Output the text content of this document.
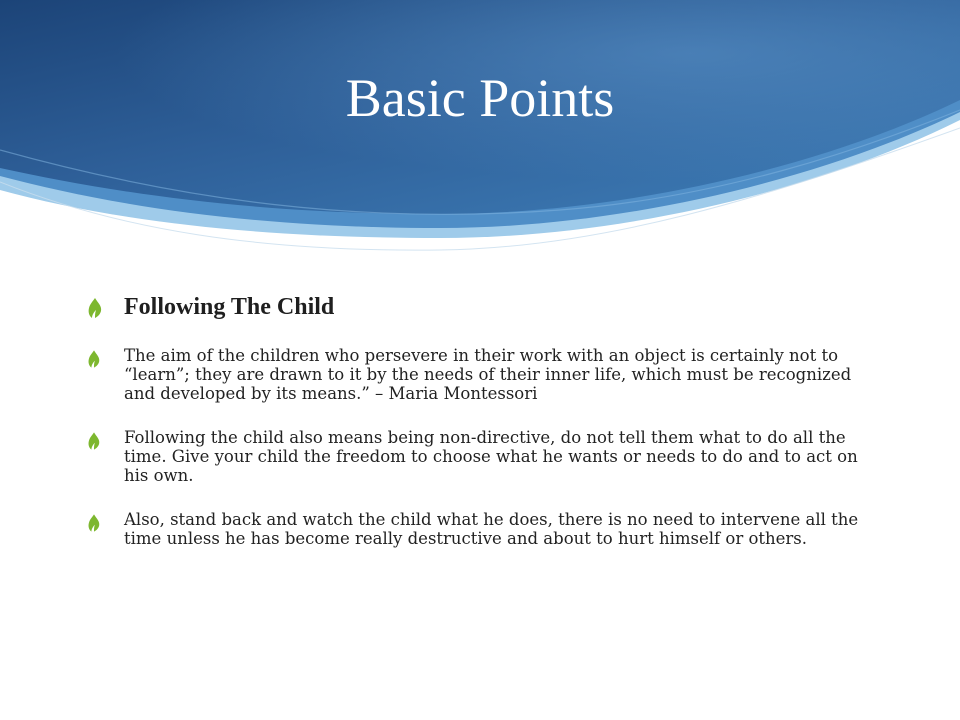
Basic Points
Following The Child
The aim of the children who persevere in their work with an object is certainly not to “learn”; they are drawn to it by the needs of their inner life, which must be recognized and developed by its means.” – Maria Montessori
Following the child also means being non-directive, do not tell them what to do all the time. Give your child the freedom to choose what he wants or needs to do and to act on his own.
Also, stand back and watch the child what he does, there is no need to intervene all the time unless he has become really destructive and about to hurt himself or others.
